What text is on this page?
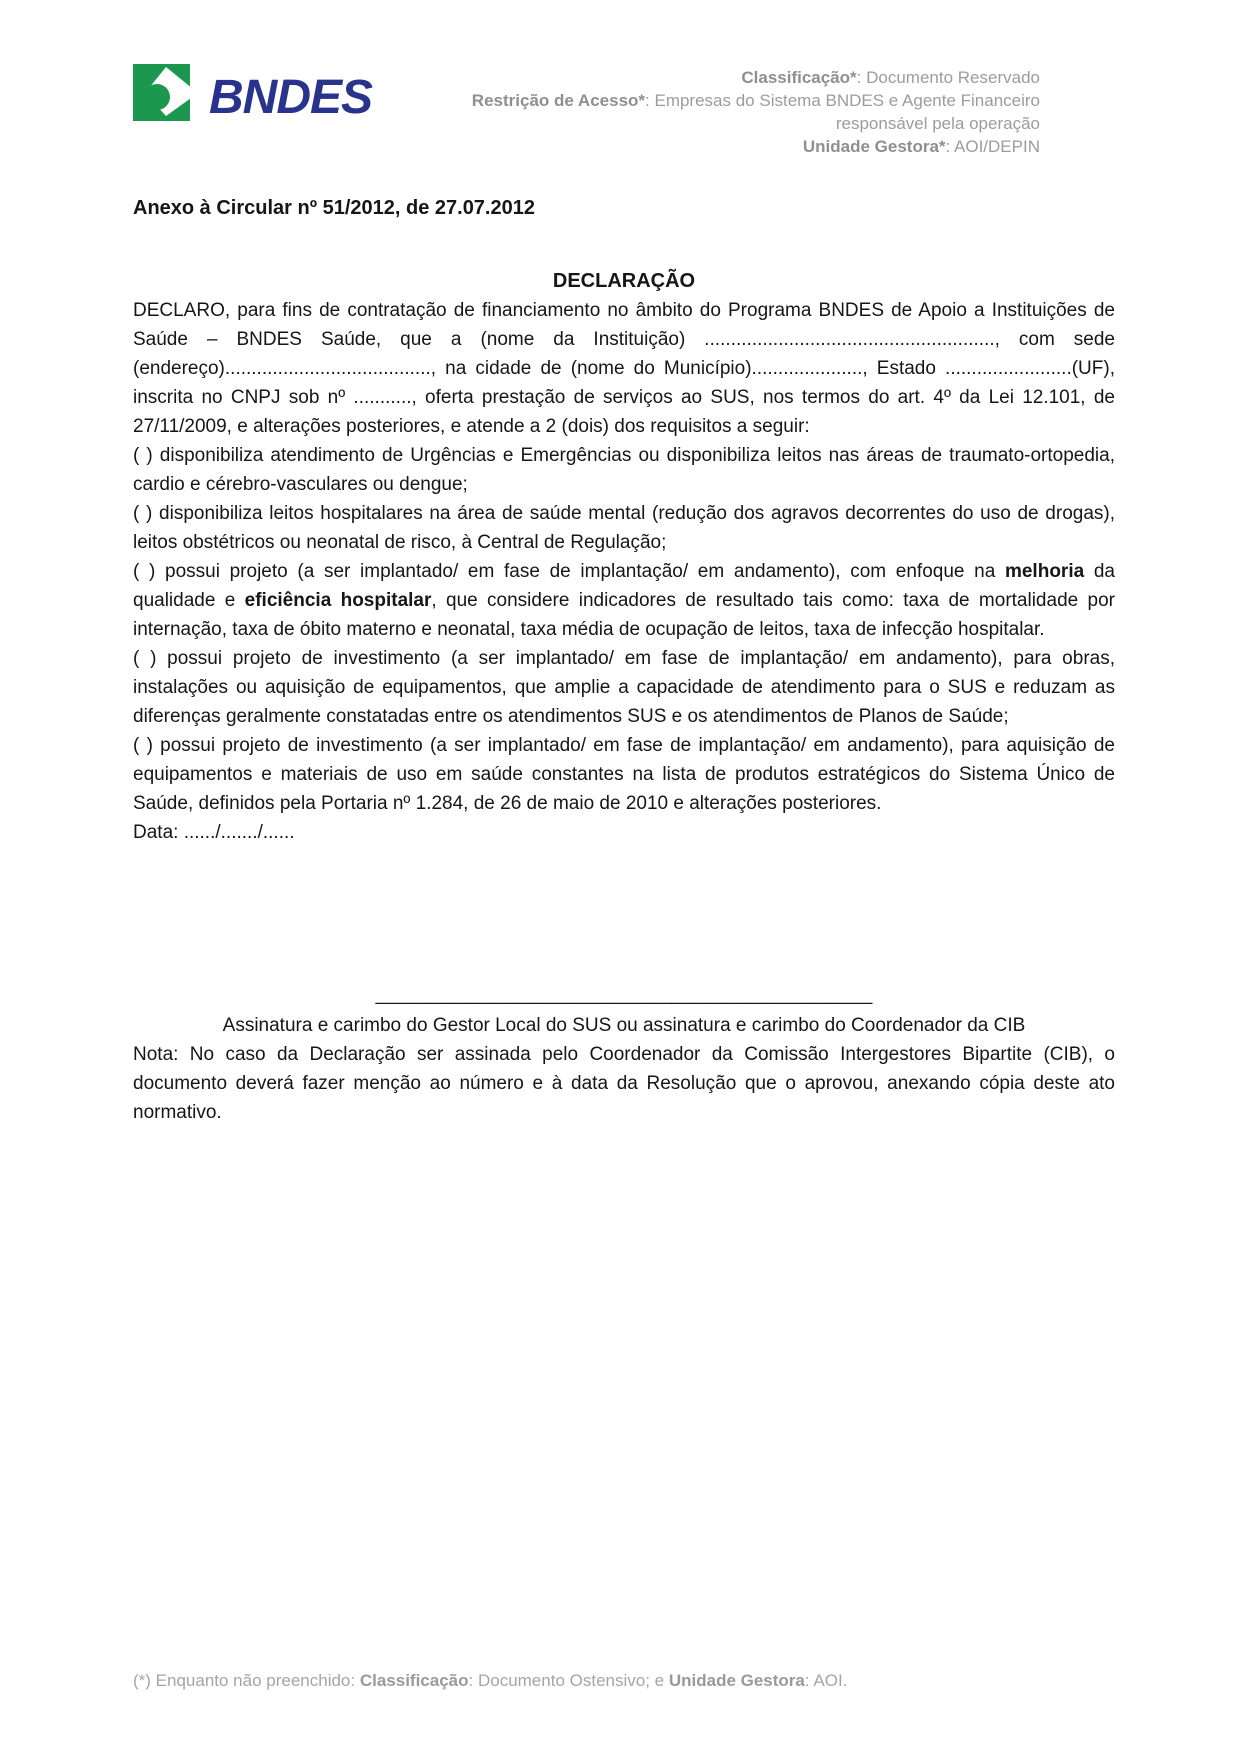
BNDES	Classificação*: Documento Reservado
Restrição de Acesso*: Empresas do Sistema BNDES e Agente Financeiro
responsável pela operação
Unidade Gestora*: AOI/DEPIN

Anexo à Circular nº 51/2012, de 27.07.2012

DECLARAÇÃO

DECLARO, para fins de contratação de financiamento no âmbito do Programa BNDES de Apoio a Instituições de Saúde – BNDES Saúde, que a (nome da Instituição) ......................................................., com sede (endereço)......................................., na cidade de (nome do Município)....................., Estado ........................(UF), inscrita no CNPJ sob nº ..........., oferta prestação de serviços ao SUS, nos termos do art. 4º da Lei 12.101, de 27/11/2009, e alterações posteriores, e atende a 2 (dois) dos requisitos a seguir:

( ) disponibiliza atendimento de Urgências e Emergências ou disponibiliza leitos nas áreas de traumato-ortopedia, cardio e cérebro-vasculares ou dengue;

( ) disponibiliza leitos hospitalares na área de saúde mental (redução dos agravos decorrentes do uso de drogas), leitos obstétricos ou neonatal de risco, à Central de Regulação;

( ) possui projeto (a ser implantado/ em fase de implantação/ em andamento), com enfoque na melhoria da qualidade e eficiência hospitalar, que considere indicadores de resultado tais como: taxa de mortalidade por internação, taxa de óbito materno e neonatal, taxa média de ocupação de leitos, taxa de infecção hospitalar.

( ) possui projeto de investimento (a ser implantado/ em fase de implantação/ em andamento), para obras, instalações ou aquisição de equipamentos, que amplie a capacidade de atendimento para o SUS e reduzam as diferenças geralmente constatadas entre os atendimentos SUS e os atendimentos de Planos de Saúde;

( ) possui projeto de investimento (a ser implantado/ em fase de implantação/ em andamento), para aquisição de equipamentos e materiais de uso em saúde constantes na lista de produtos estratégicos do Sistema Único de Saúde, definidos pela Portaria nº 1.284, de 26 de maio de 2010 e alterações posteriores.

Data: ....../......./......

_______________________________________________
Assinatura e carimbo do Gestor Local do SUS ou assinatura e carimbo do Coordenador da CIB

Nota: No caso da Declaração ser assinada pelo Coordenador da Comissão Intergestores Bipartite (CIB), o documento deverá fazer menção ao número e à data da Resolução que o aprovou, anexando cópia deste ato normativo.

(*) Enquanto não preenchido: Classificação: Documento Ostensivo; e Unidade Gestora: AOI.
